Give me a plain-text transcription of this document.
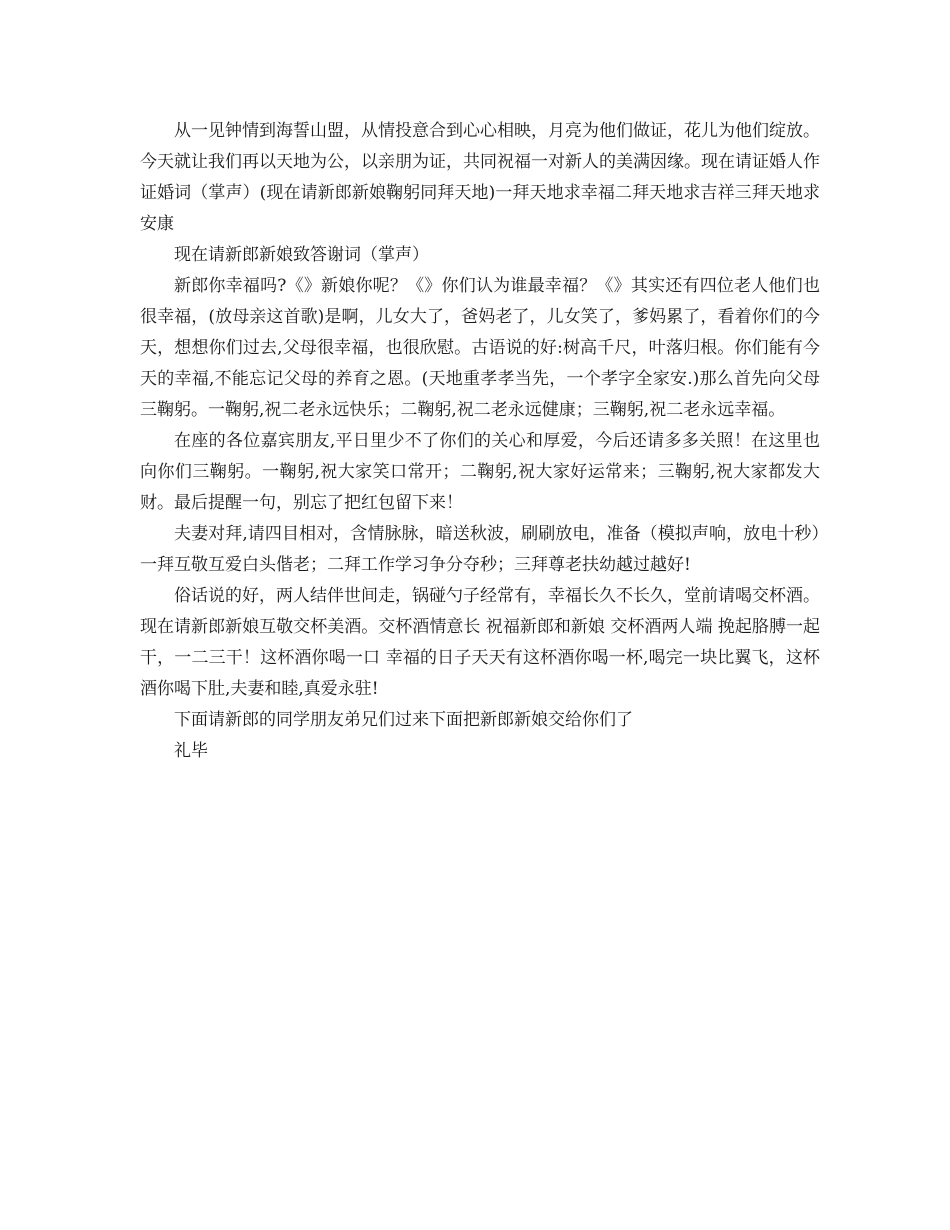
从一见钟情到海誓山盟，从情投意合到心心相映，月亮为他们做证，花儿为他们绽放。今天就让我们再以天地为公，以亲朋为证，共同祝福一对新人的美满因缘。现在请证婚人作证婚词（掌声）(现在请新郎新娘鞠躬同拜天地)一拜天地求幸福二拜天地求吉祥三拜天地求安康

现在请新郎新娘致答谢词（掌声）

新郎你幸福吗?《》新娘你呢？《》你们认为谁最幸福？《》其实还有四位老人他们也很幸福，(放母亲这首歌)是啊，儿女大了，爸妈老了，儿女笑了，爹妈累了，看着你们的今天，想想你们过去,父母很幸福，也很欣慰。古语说的好:树高千尺，叶落归根。你们能有今天的幸福,不能忘记父母的养育之恩。(天地重孝孝当先，一个孝字全家安.)那么首先向父母三鞠躬。一鞠躬,祝二老永远快乐；二鞠躬,祝二老永远健康；三鞠躬,祝二老永远幸福。

在座的各位嘉宾朋友,平日里少不了你们的关心和厚爱，今后还请多多关照！在这里也向你们三鞠躬。一鞠躬,祝大家笑口常开；二鞠躬,祝大家好运常来；三鞠躬,祝大家都发大财。最后提醒一句，别忘了把红包留下来！

夫妻对拜,请四目相对，含情脉脉，暗送秋波，刷刷放电，准备（模拟声响，放电十秒）一拜互敬互爱白头偕老；二拜工作学习争分夺秒；三拜尊老扶幼越过越好!

俗话说的好，两人结伴世间走，锅碰勺子经常有，幸福长久不长久，堂前请喝交杯酒。现在请新郎新娘互敬交杯美酒。交杯酒情意长 祝福新郎和新娘 交杯酒两人端 挽起胳膊一起干，一二三干！这杯酒你喝一口 幸福的日子天天有这杯酒你喝一杯,喝完一块比翼飞，这杯酒你喝下肚,夫妻和睦,真爱永驻!

下面请新郎的同学朋友弟兄们过来下面把新郎新娘交给你们了

礼毕
